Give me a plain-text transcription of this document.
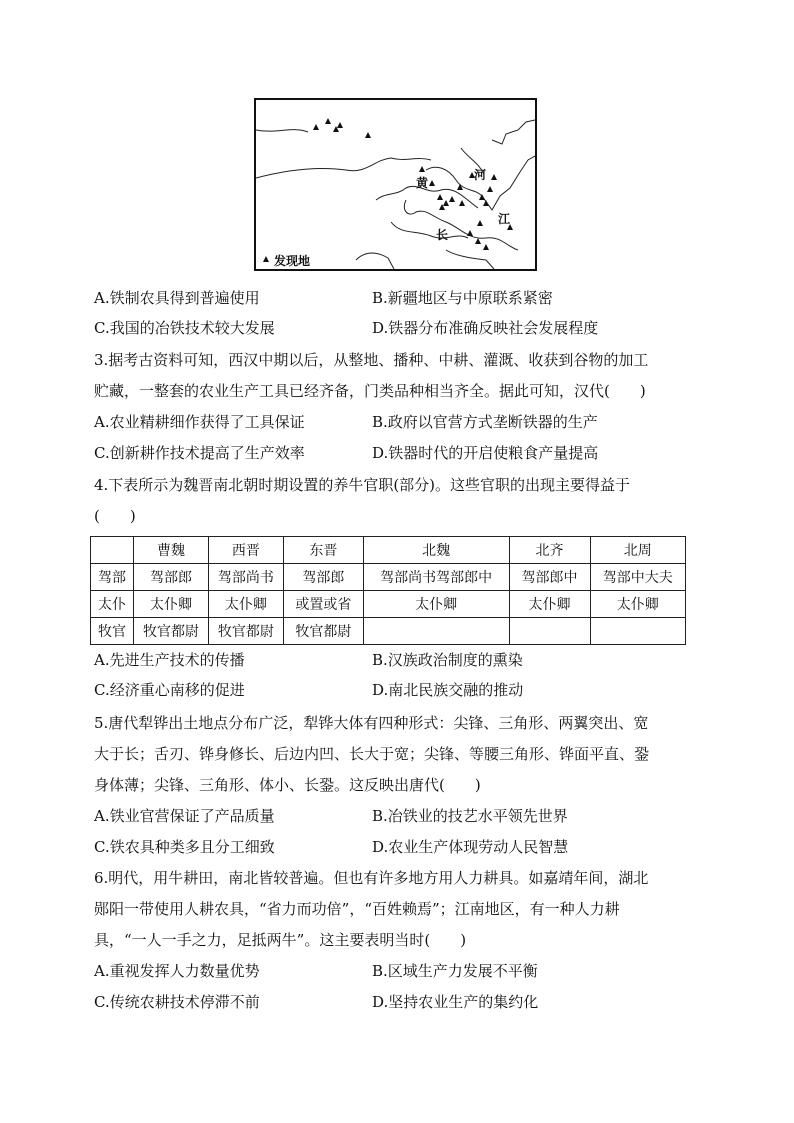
黄
河
长
江
发现地
A.铁制农具得到普遍使用	B.新疆地区与中原联系紧密
C.我国的冶铁技术较大发展	D.铁器分布准确反映社会发展程度
3.据考古资料可知，西汉中期以后，从整地、播种、中耕、灌溉、收获到谷物的加工
贮藏，一整套的农业生产工具已经齐备，门类品种相当齐全。据此可知，汉代(　　)
A.农业精耕细作获得了工具保证	B.政府以官营方式垄断铁器的生产
C.创新耕作技术提高了生产效率	D.铁器时代的开启使粮食产量提高
4.下表所示为魏晋南北朝时期设置的养牛官职(部分)。这些官职的出现主要得益于
(　　)
	曹魏	西晋	东晋	北魏	北齐	北周
驾部	驾部郎	驾部尚书	驾部郎	驾部尚书驾部郎中	驾部郎中	驾部中大夫
太仆	太仆卿	太仆卿	或置或省	太仆卿	太仆卿	太仆卿
牧官	牧官都尉	牧官都尉	牧官都尉			
A.先进生产技术的传播	B.汉族政治制度的熏染
C.经济重心南移的促进	D.南北民族交融的推动
5.唐代犁铧出土地点分布广泛，犁铧大体有四种形式：尖锋、三角形、两翼突出、宽
大于长；舌刃、铧身修长、后边内凹、长大于宽；尖锋、等腰三角形、铧面平直、銎
身体薄；尖锋、三角形、体小、长銎。这反映出唐代(　　)
A.铁业官营保证了产品质量	B.冶铁业的技艺水平领先世界
C.铁农具种类多且分工细致	D.农业生产体现劳动人民智慧
6.明代，用牛耕田，南北皆较普遍。但也有许多地方用人力耕具。如嘉靖年间，湖北
郧阳一带使用人耕农具，“省力而功倍”，“百姓赖焉”；江南地区，有一种人力耕
具，“一人一手之力，足抵两牛”。这主要表明当时(　　)
A.重视发挥人力数量优势	B.区域生产力发展不平衡
C.传统农耕技术停滞不前	D.坚持农业生产的集约化
